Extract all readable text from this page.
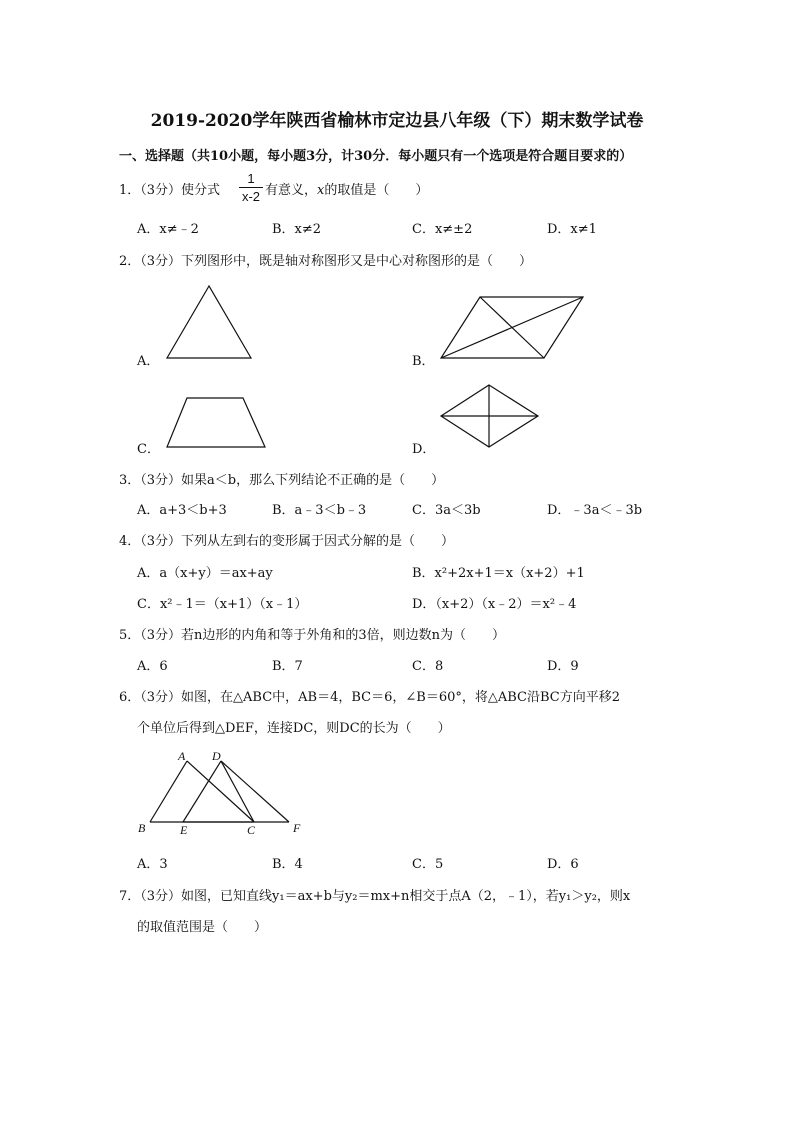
2019-2020学年陕西省榆林市定边县八年级（下）期末数学试卷
一、选择题（共10小题，每小题3分，计30分．每小题只有一个选项是符合题目要求的）
1．（3分）使分式 $\frac{1}{x-2}$ 有意义，x的取值是（　　）
A．x≠﹣2	B．x≠2	C．x≠±2	D．x≠1
2．（3分）下列图形中，既是轴对称图形又是中心对称图形的是（　　）
A．	B．
C．	D．
3．（3分）如果a＜b，那么下列结论不正确的是（　　）
A．a+3＜b+3	B．a﹣3＜b﹣3	C．3a＜3b	D．﹣3a＜﹣3b
4．（3分）下列从左到右的变形属于因式分解的是（　　）
A．a（x+y）＝ax+ay	B．x²+2x+1＝x（x+2）+1
C．x²﹣1＝（x+1）（x﹣1）	D．（x+2）（x﹣2）＝x²﹣4
5．（3分）若n边形的内角和等于外角和的3倍，则边数n为（　　）
A．6	B．7	C．8	D．9
6．（3分）如图，在△ABC中，AB＝4，BC＝6，∠B＝60°，将△ABC沿BC方向平移2
个单位后得到△DEF，连接DC，则DC的长为（　　）
A D
B	E	C	F
A．3	B．4	C．5	D．6
7．（3分）如图，已知直线y₁＝ax+b与y₂＝mx+n相交于点A（2，﹣1），若y₁＞y₂，则x
的取值范围是（　　）
